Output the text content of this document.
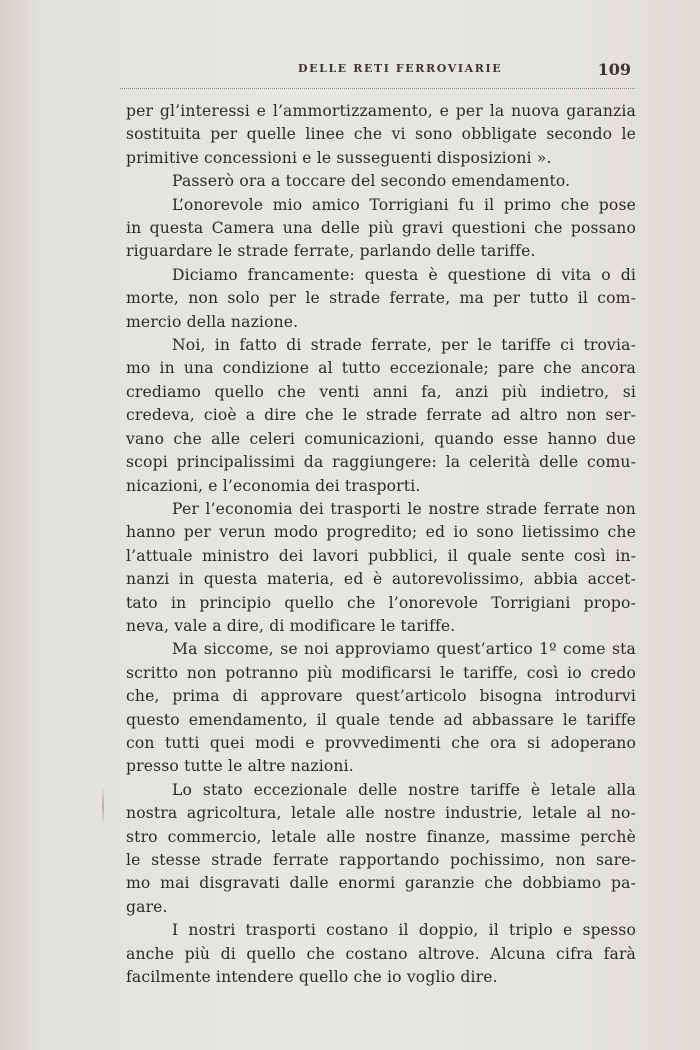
DELLE RETI FERROVIARIE	109
per gl’interessi e l’ammortizzamento, e per la nuova garanzia
sostituita per quelle linee che vi sono obbligate secondo le
primitive concessioni e le susseguenti disposizioni ».
Passerò ora a toccare del secondo emendamento.
L’onorevole mio amico Torrigiani fu il primo che pose
in questa Camera una delle più gravi questioni che possano
riguardare le strade ferrate, parlando delle tariffe.
Diciamo francamente: questa è questione di vita o di
morte, non solo per le strade ferrate, ma per tutto il com-
mercio della nazione.
Noi, in fatto di strade ferrate, per le tariffe ci trovia-
mo in una condizione al tutto eccezionale; pare che ancora
crediamo quello che venti anni fa, anzi più indietro, si
credeva, cioè a dire che le strade ferrate ad altro non ser-
vano che alle celeri comunicazioni, quando esse hanno due
scopi principalissimi da raggiungere: la celerità delle comu-
nicazioni, e l’economia dei trasporti.
Per l’economia dei trasporti le nostre strade ferrate non
hanno per verun modo progredito; ed io sono lietissimo che
l’attuale ministro dei lavori pubblici, il quale sente così in-
nanzi in questa materia, ed è autorevolissimo, abbia accet-
tato in principio quello che l’onorevole Torrigiani propo-
neva, vale a dire, di modificare le tariffe.
Ma siccome, se noi approviamo quest’artico 1º come sta
scritto non potranno più modificarsi le tariffe, così io credo
che, prima di approvare quest’articolo bisogna introdurvi
questo emendamento, il quale tende ad abbassare le tariffe
con tutti quei modi e provvedimenti che ora si adoperano
presso tutte le altre nazioni.
Lo stato eccezionale delle nostre tariffe è letale alla
nostra agricoltura, letale alle nostre industrie, letale al no-
stro commercio, letale alle nostre finanze, massime perchè
le stesse strade ferrate rapportando pochissimo, non sare-
mo mai disgravati dalle enormi garanzie che dobbiamo pa-
gare.
I nostri trasporti costano il doppio, il triplo e spesso
anche più di quello che costano altrove. Alcuna cifra farà
facilmente intendere quello che io voglio dire.
